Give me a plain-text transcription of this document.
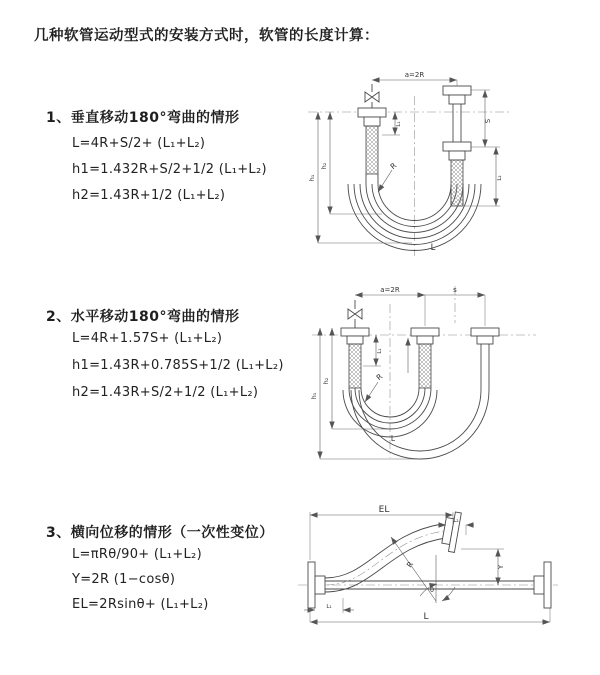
几种软管运动型式的安装方式时，软管的长度计算：
1、垂直移动180°弯曲的情形
L=4R+S/2+ (L₁+L₂)
h1=1.432R+S/2+1/2 (L₁+L₂)
h2=1.43R+1/2 (L₁+L₂)
a=2R
h₁
h₂
L₁
S
L₂
R
L
2、水平移动180°弯曲的情形
L=4R+1.57S+ (L₁+L₂)
h1=1.43R+0.785S+1/2 (L₁+L₂)
h2=1.43R+S/2+1/2 (L₁+L₂)
a=2R	s
h₁
h₂
L₁
R
L
3、横向位移的情形（一次性变位）
L=πRθ/90+ (L₁+L₂)
Y=2R (1−cosθ)
EL=2Rsinθ+ (L₁+L₂)
R
θ
EL
L₂
Y
L₁
L
